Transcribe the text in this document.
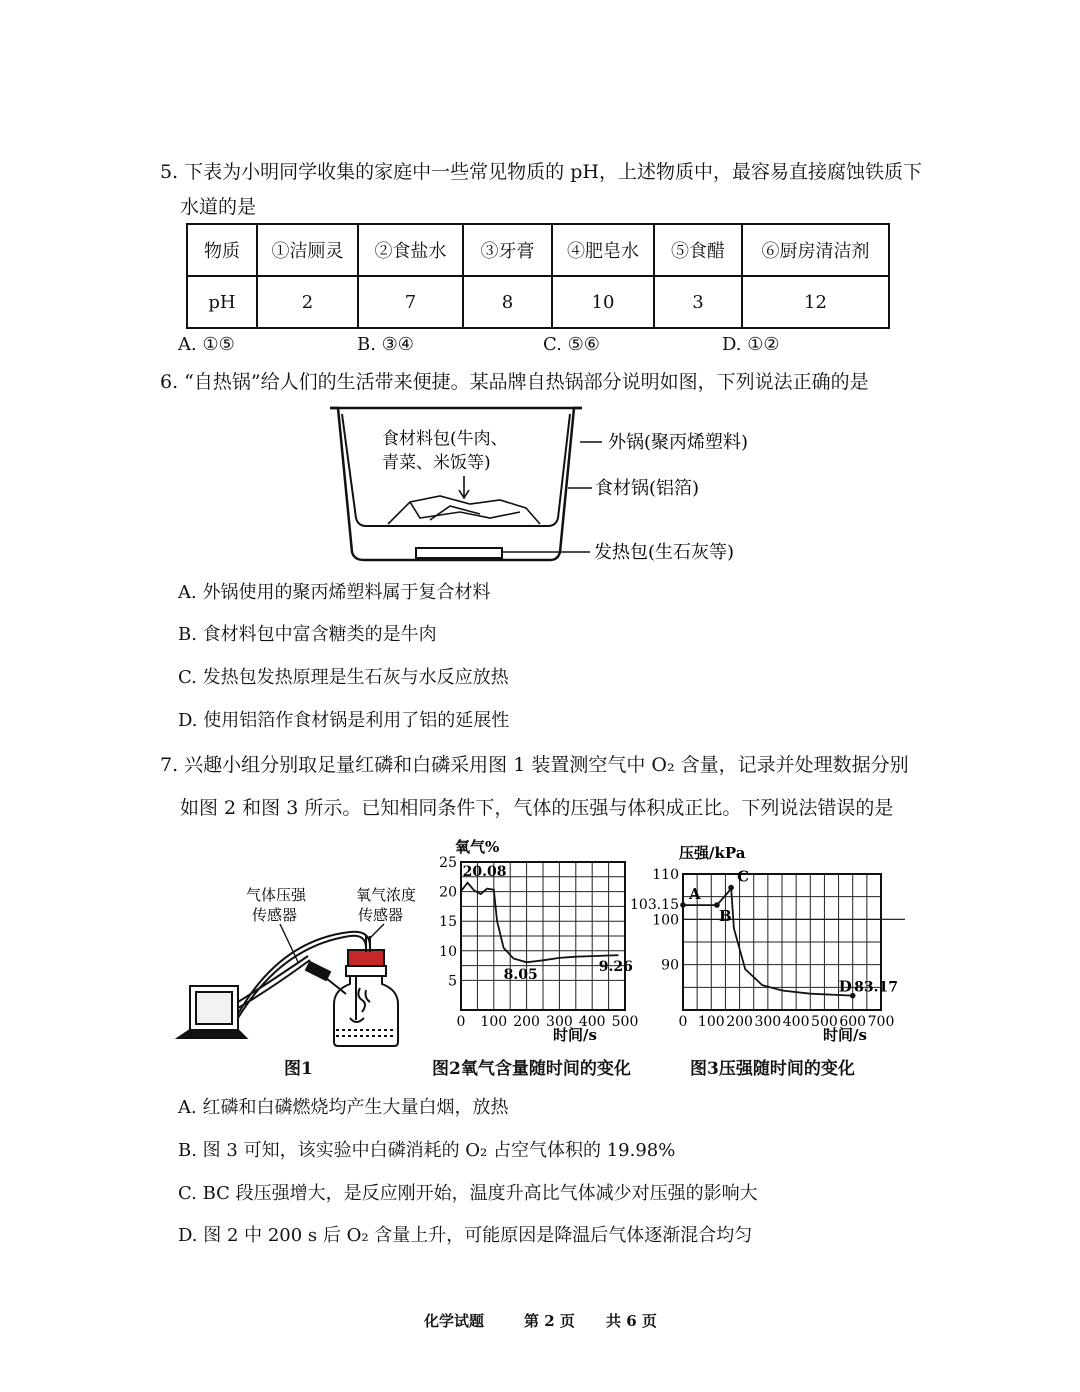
5. 下表为小明同学收集的家庭中一些常见物质的 pH，上述物质中，最容易直接腐蚀铁质下
水道的是
物质	①洁厕灵	②食盐水	③牙膏	④肥皂水	⑤食醋	⑥厨房清洁剂
pH	2	7	8	10	3	12
A. ①⑤	B. ③④	C. ⑤⑥	D. ①②
6. “自热锅”给人们的生活带来便捷。某品牌自热锅部分说明如图，下列说法正确的是
食材料包(牛肉、
青菜、米饭等)
外锅(聚丙烯塑料)
食材锅(铝箔)
发热包(生石灰等)
A. 外锅使用的聚丙烯塑料属于复合材料
B. 食材料包中富含糖类的是牛肉
C. 发热包发热原理是生石灰与水反应放热
D. 使用铝箔作食材锅是利用了铝的延展性
7. 兴趣小组分别取足量红磷和白磷采用图 1 装置测空气中 O₂ 含量，记录并处理数据分别
如图 2 和图 3 所示。已知相同条件下，气体的压强与体积成正比。下列说法错误的是
气体压强
传感器
氧气浓度
传感器
图1
5
10
15
20
25
0 100 200 300 400 500
20.08
8.05
9.26
氧气%
时间/s
图2氧气含量随时间的变化
90
100
110
103.15
0 100 200 300 400 500 600 700
A
B
C
D 83.17
压强/kPa
时间/s
图3压强随时间的变化
A. 红磷和白磷燃烧均产生大量白烟，放热
B. 图 3 可知，该实验中白磷消耗的 O₂ 占空气体积的 19.98%
C. BC 段压强增大，是反应刚开始，温度升高比气体减少对压强的影响大
D. 图 2 中 200 s 后 O₂ 含量上升，可能原因是降温后气体逐渐混合均匀
化学试题	第 2 页 共 6 页
